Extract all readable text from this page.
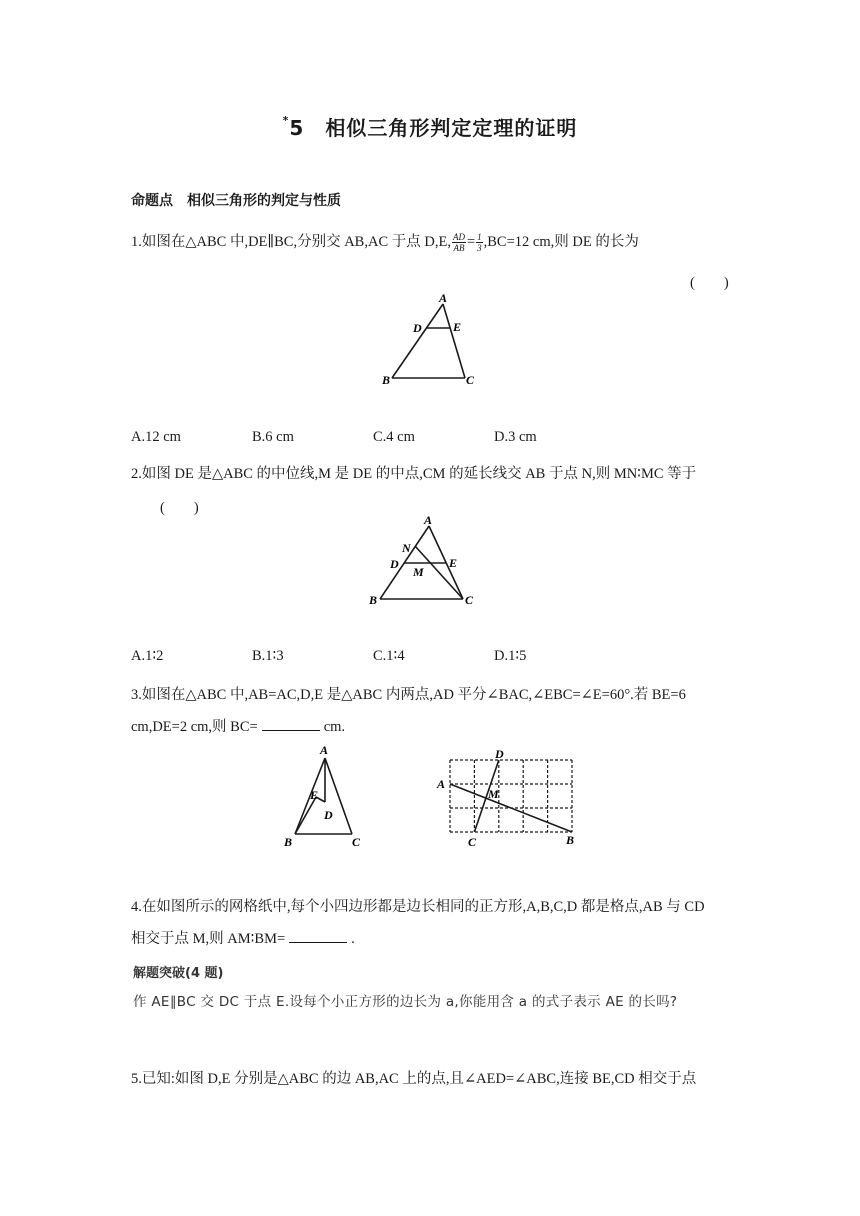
*5　 相似三角形判定定理的证明
命题点　相似三角形的判定与性质
1.如图在△ABC 中,DE∥BC,分别交 AB,AC 于点 D,E, $\frac{AD}{AB} = \frac{1}{3} ,BC=12$ cm,则 DE 的长为
(　　)
A
D	E
B	C
A.12 cm	B.6 cm	C.4 cm	D.3 cm
2.如图 DE 是△ABC 的中位线,M 是 DE 的中点,CM 的延长线交 AB 于点 N,则 MN∶MC 等于
(　　)
A
N
D
M
E
B	C
A.1∶2	B.1∶3	C.1∶4	D.1∶5
3.如图在△ABC 中,AB=AC,D,E 是△ABC 内两点,AD 平分∠BAC,∠EBC=∠E=60°.若 BE=6
cm,DE=2 cm,则 BC=	cm.
A
E
D
B	C
D
A
M
C	B
4.在如图所示的网格纸中,每个小四边形都是边长相同的正方形,A,B,C,D 都是格点,AB 与 CD
相交于点 M,则 AM∶BM=	.
解题突破(4 题)
作 AE∥BC 交 DC 于点 E.设每个小正方形的边长为 a,你能用含 a 的式子表示 AE 的长吗?
5.已知:如图 D,E 分别是△ABC 的边 AB,AC 上的点,且∠AED=∠ABC,连接 BE,CD 相交于点
